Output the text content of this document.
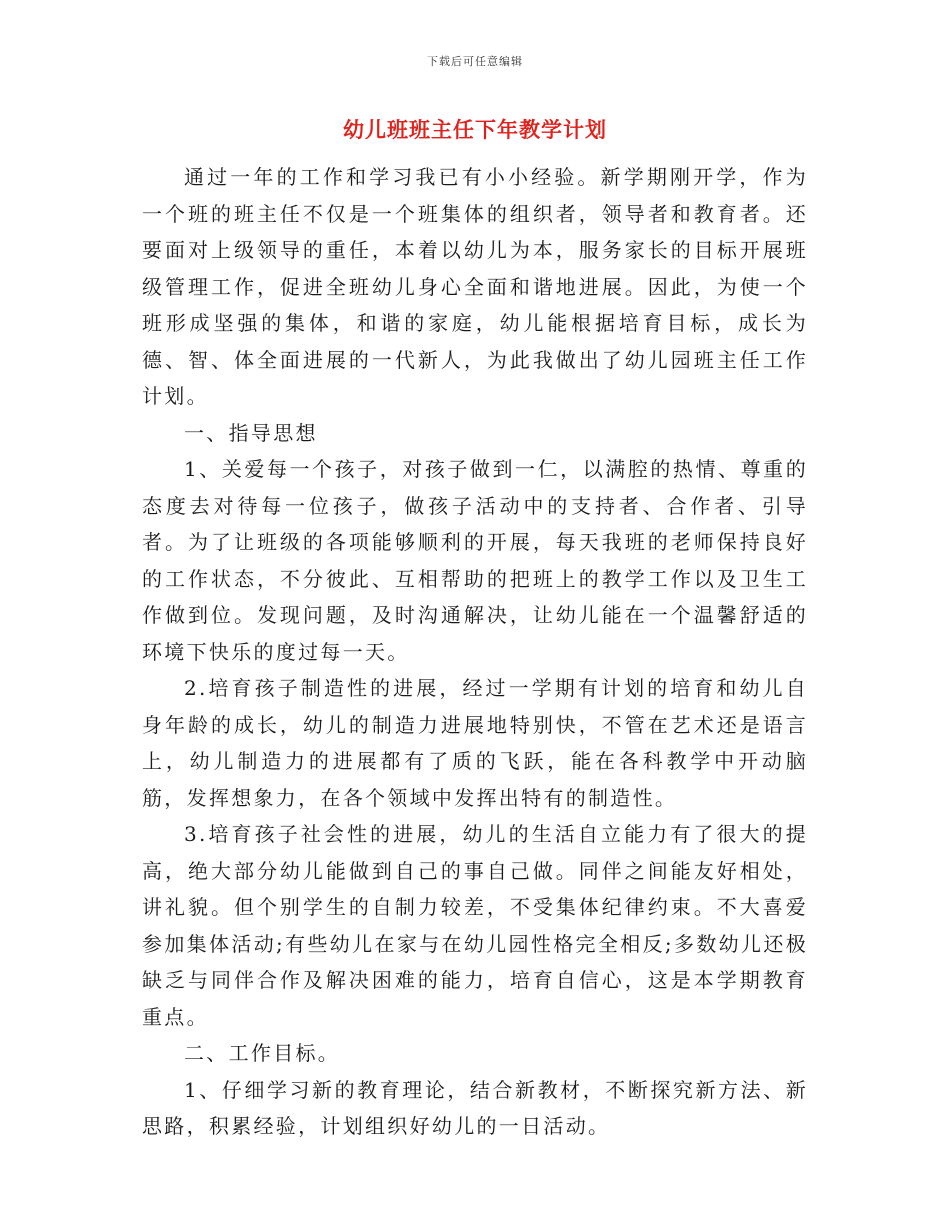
下载后可任意编辑
幼儿班班主任下年教学计划

通过一年的工作和学习我已有小小经验。新学期刚开学，作为一个班的班主任不仅是一个班集体的组织者，领导者和教育者。还要面对上级领导的重任，本着以幼儿为本，服务家长的目标开展班级管理工作，促进全班幼儿身心全面和谐地进展。因此，为使一个班形成坚强的集体，和谐的家庭，幼儿能根据培育目标，成长为德、智、体全面进展的一代新人，为此我做出了幼儿园班主任工作计划。

一、指导思想

1、关爱每一个孩子，对孩子做到一仁，以满腔的热情、尊重的态度去对待每一位孩子，做孩子活动中的支持者、合作者、引导者。为了让班级的各项能够顺利的开展，每天我班的老师保持良好的工作状态，不分彼此、互相帮助的把班上的教学工作以及卫生工作做到位。发现问题，及时沟通解决，让幼儿能在一个温馨舒适的环境下快乐的度过每一天。

2.培育孩子制造性的进展，经过一学期有计划的培育和幼儿自身年龄的成长，幼儿的制造力进展地特别快，不管在艺术还是语言上，幼儿制造力的进展都有了质的飞跃，能在各科教学中开动脑筋，发挥想象力，在各个领域中发挥出特有的制造性。

3.培育孩子社会性的进展，幼儿的生活自立能力有了很大的提高，绝大部分幼儿能做到自己的事自己做。同伴之间能友好相处，讲礼貌。但个别学生的自制力较差，不受集体纪律约束。不大喜爱参加集体活动;有些幼儿在家与在幼儿园性格完全相反;多数幼儿还极缺乏与同伴合作及解决困难的能力，培育自信心，这是本学期教育重点。

二、工作目标。

1、仔细学习新的教育理论，结合新教材，不断探究新方法、新思路，积累经验，计划组织好幼儿的一日活动。
